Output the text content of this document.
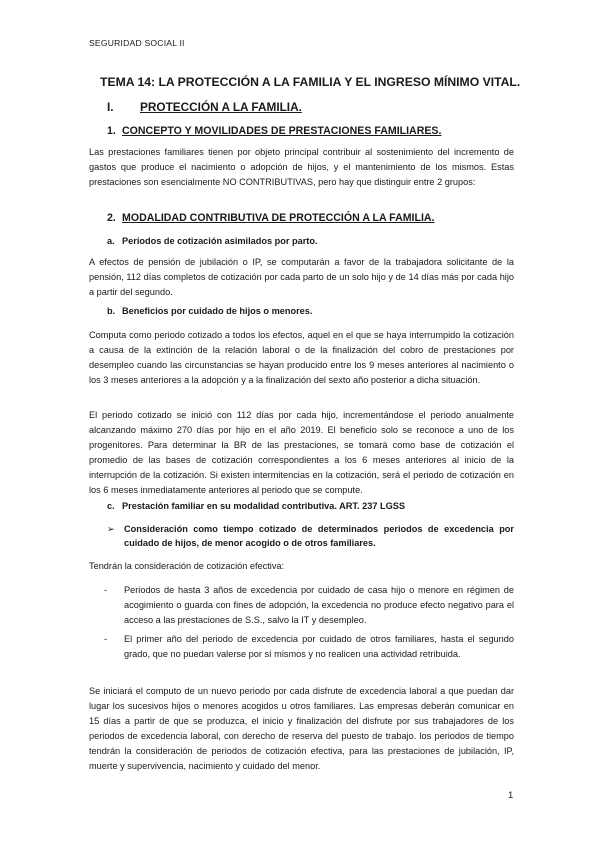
SEGURIDAD SOCIAL II
TEMA 14: LA PROTECCIÓN A LA FAMILIA Y EL INGRESO MÍNIMO VITAL.
I. PROTECCIÓN A LA FAMILIA.
1. CONCEPTO Y MOVILIDADES DE PRESTACIONES FAMILIARES.
Las prestaciones familiares tienen por objeto principal contribuir al sostenimiento del incremento de gastos que produce el nacimiento o adopción de hijos, y el mantenimiento de los mismos. Estas prestaciones son esencialmente NO CONTRIBUTIVAS, pero hay que distinguir entre 2 grupos:
2. MODALIDAD CONTRIBUTIVA DE PROTECCIÓN A LA FAMILIA.
a. Periodos de cotización asimilados por parto.
A efectos de pensión de jubilación o IP, se computarán a favor de la trabajadora solicitante de la pensión, 112 días completos de cotización por cada parto de un solo hijo y de 14 días más por cada hijo a partir del segundo.
b. Beneficios por cuidado de hijos o menores.
Computa como periodo cotizado a todos los efectos, aquel en el que se haya interrumpido la cotización a causa de la extinción de la relación laboral o de la finalización del cobro de prestaciones por desempleo cuando las circunstancias se hayan producido entre los 9 meses anteriores al nacimiento o los 3 meses anteriores a la adopción y a la finalización del sexto año posterior a dicha situación.
El periodo cotizado se inició con 112 días por cada hijo, incrementándose el periodo anualmente alcanzando máximo 270 días por hijo en el año 2019. El beneficio solo se reconoce a uno de los progenitores. Para determinar la BR de las prestaciones, se tomará como base de cotización el promedio de las bases de cotización correspondientes a los 6 meses anteriores al inicio de la interrupción de la cotización. Si existen intermitencias en la cotización, será el periodo de cotización en los 6 meses inmediatamente anteriores al periodo que se compute.
c. Prestación familiar en su modalidad contributiva. ART. 237 LGSS
➢ Consideración como tiempo cotizado de determinados periodos de excedencia por cuidado de hijos, de menor acogido o de otros familiares.
Tendrán la consideración de cotización efectiva:
- Periodos de hasta 3 años de excedencia por cuidado de casa hijo o menore en régimen de acogimiento o guarda con fines de adopción, la excedencia no produce efecto negativo para el acceso a las prestaciones de S.S., salvo la IT y desempleo.
- El primer año del periodo de excedencia por cuidado de otros familiares, hasta el segundo grado, que no puedan valerse por sí mismos y no realicen una actividad retribuida.
Se iniciará el computo de un nuevo periodo por cada disfrute de excedencia laboral a que puedan dar lugar los sucesivos hijos o menores acogidos u otros familiares. Las empresas deberán comunicar en 15 días a partir de que se produzca, el inicio y finalización del disfrute por sus trabajadores de los periodos de excedencia laboral, con derecho de reserva del puesto de trabajo. los periodos de tiempo tendrán la consideración de periodos de cotización efectiva, para las prestaciones de jubilación, IP, muerte y supervivencia, nacimiento y cuidado del menor.
1
